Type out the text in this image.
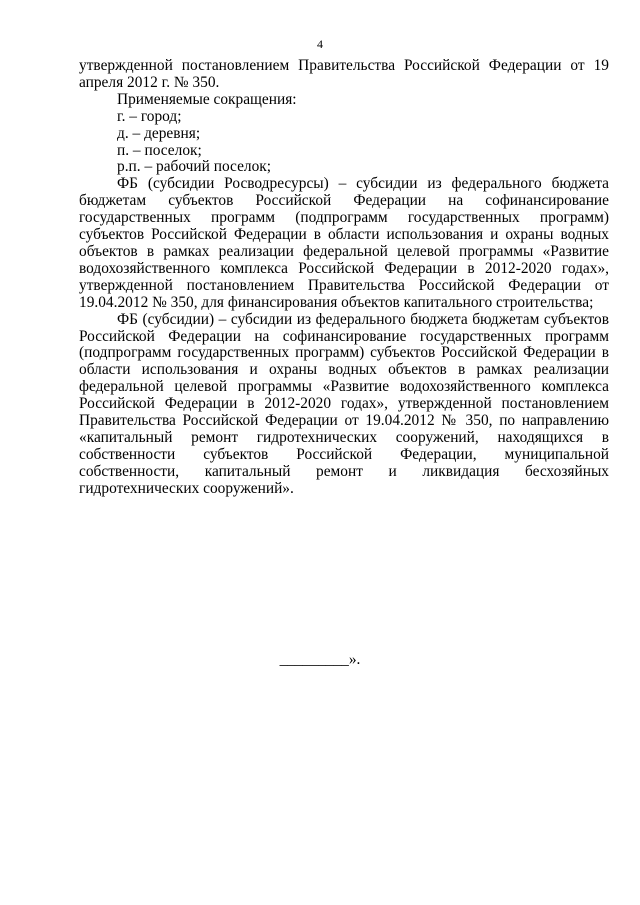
4

утвержденной постановлением Правительства Российской Федерации от 19 апреля 2012 г. № 350.

Применяемые сокращения:

г. – город;

д. – деревня;

п. – поселок;

р.п. – рабочий поселок;

ФБ (субсидии Росводресурсы) – субсидии из федерального бюджета бюджетам субъектов Российской Федерации на софинансирование государственных программ (подпрограмм государственных программ) субъектов Российской Федерации в области использования и охраны водных объектов в рамках реализации федеральной целевой программы «Развитие водохозяйственного комплекса Российской Федерации в 2012-2020 годах», утвержденной постановлением Правительства Российской Федерации от 19.04.2012 № 350, для финансирования объектов капитального строительства;

ФБ (субсидии) – субсидии из федерального бюджета бюджетам субъектов Российской Федерации на софинансирование государственных программ (подпрограмм государственных программ) субъектов Российской Федерации в области использования и охраны водных объектов в рамках реализации федеральной целевой программы «Развитие водохозяйственного комплекса Российской Федерации в 2012-2020 годах», утвержденной постановлением Правительства Российской Федерации от 19.04.2012 № 350, по направлению «капитальный ремонт гидротехнических сооружений, находящихся в собственности субъектов Российской Федерации, муниципальной собственности, капитальный ремонт и ликвидация бесхозяйных гидротехнических сооружений».

_________».
